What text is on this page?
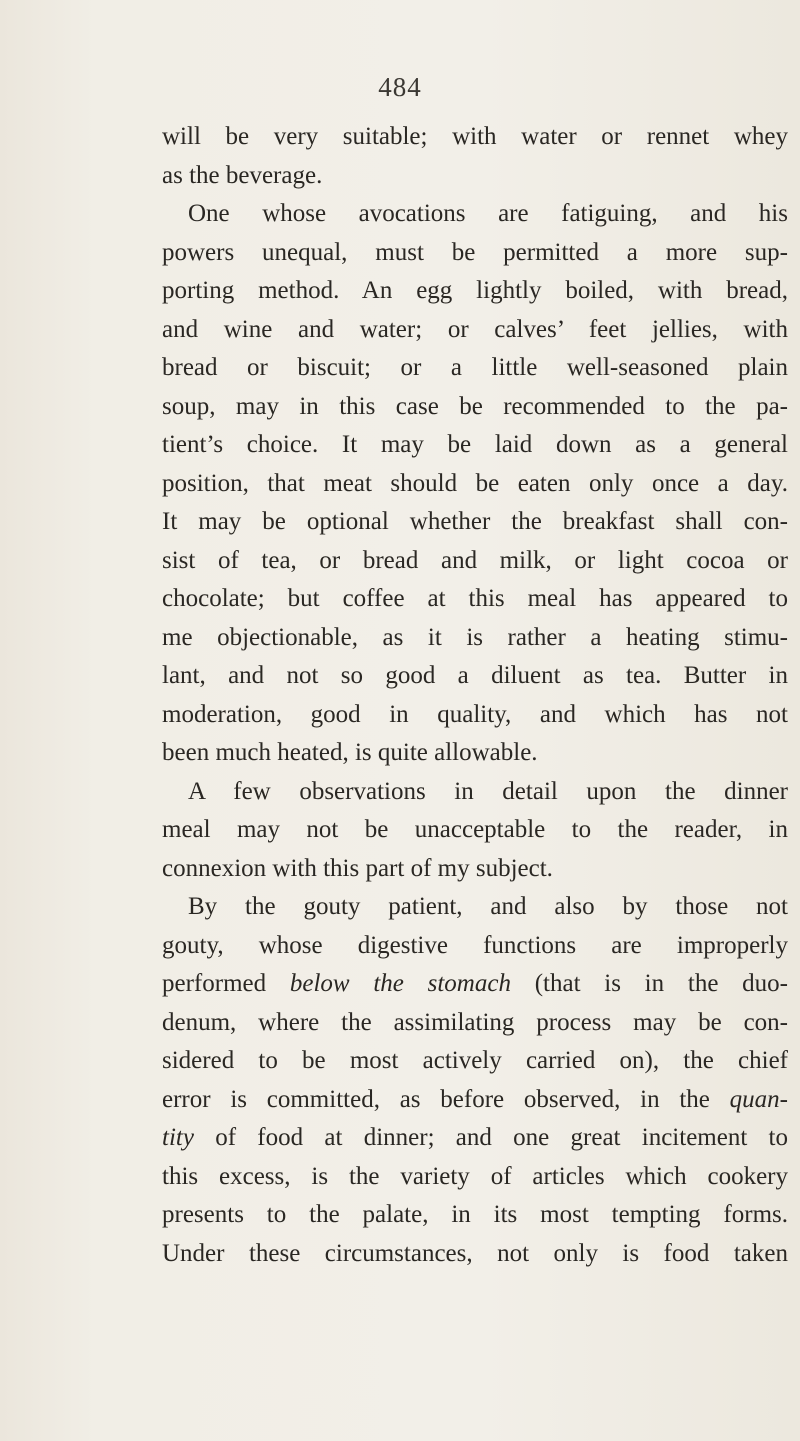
484
will be very suitable; with water or rennet whey
as the beverage.
One whose avocations are fatiguing, and his
powers unequal, must be permitted a more sup-
porting method. An egg lightly boiled, with bread,
and wine and water; or calves’ feet jellies, with
bread or biscuit; or a little well-seasoned plain
soup, may in this case be recommended to the pa-
tient’s choice. It may be laid down as a general
position, that meat should be eaten only once a day.
It may be optional whether the breakfast shall con-
sist of tea, or bread and milk, or light cocoa or
chocolate; but coffee at this meal has appeared to
me objectionable, as it is rather a heating stimu-
lant, and not so good a diluent as tea. Butter in
moderation, good in quality, and which has not
been much heated, is quite allowable.
A few observations in detail upon the dinner
meal may not be unacceptable to the reader, in
connexion with this part of my subject.
By the gouty patient, and also by those not
gouty, whose digestive functions are improperly
performed below the stomach (that is in the duo-
denum, where the assimilating process may be con-
sidered to be most actively carried on), the chief
error is committed, as before observed, in the quan-
tity of food at dinner; and one great incitement to
this excess, is the variety of articles which cookery
presents to the palate, in its most tempting forms.
Under these circumstances, not only is food taken
